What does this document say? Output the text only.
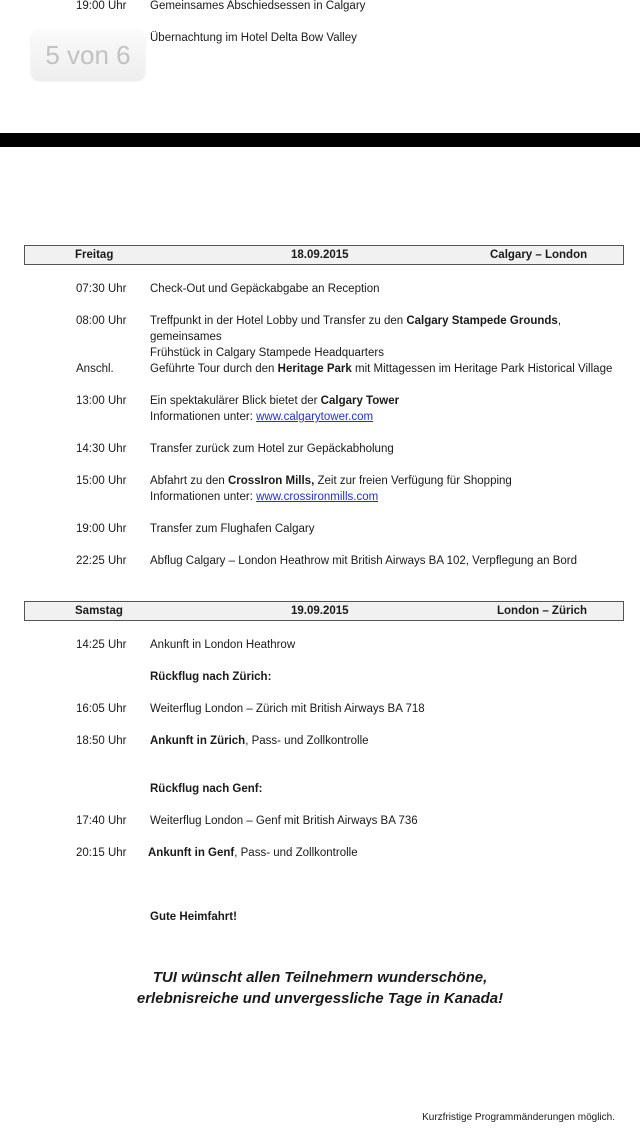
19:00 Uhr	Gemeinsames Abschiedsessen in Calgary
Übernachtung im Hotel Delta Bow Valley
5 von 6
Freitag	18.09.2015	Calgary – London
07:30 Uhr	Check-Out und Gepäckabgabe an Reception
08:00 Uhr	Treffpunkt in der Hotel Lobby und Transfer zu den Calgary Stampede Grounds, gemeinsames
Frühstück in Calgary Stampede Headquarters
Anschl.	Geführte Tour durch den Heritage Park mit Mittagessen im Heritage Park Historical Village
13:00 Uhr	Ein spektakulärer Blick bietet der Calgary Tower
Informationen unter: www.calgarytower.com
14:30 Uhr	Transfer zurück zum Hotel zur Gepäckabholung
15:00 Uhr	Abfahrt zu den CrossIron Mills, Zeit zur freien Verfügung für Shopping
Informationen unter: www.crossironmills.com
19:00 Uhr	Transfer zum Flughafen Calgary
22:25 Uhr	Abflug Calgary – London Heathrow mit British Airways BA 102, Verpflegung an Bord
Samstag	19.09.2015	London – Zürich
14:25 Uhr	Ankunft in London Heathrow
Rückflug nach Zürich:
16:05 Uhr	Weiterflug London – Zürich mit British Airways BA 718
18:50 Uhr	Ankunft in Zürich, Pass- und Zollkontrolle
Rückflug nach Genf:
17:40 Uhr	Weiterflug London – Genf mit British Airways BA 736
20:15 Uhr	Ankunft in Genf, Pass- und Zollkontrolle
Gute Heimfahrt!
TUI wünscht allen Teilnehmern wunderschöne,
erlebnisreiche und unvergessliche Tage in Kanada!
Kurzfristige Programmänderungen möglich.
